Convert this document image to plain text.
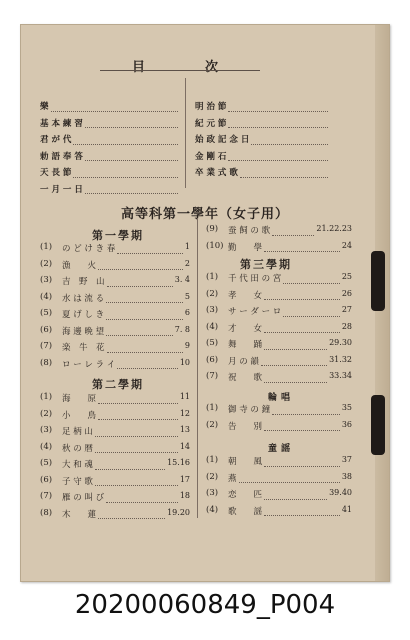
目次
樂
基 本 練 習
君 が 代
勅 語 奉 答
天 長 節
一 月 一 日
明 治 節
紀 元 節
始 政 記 念 日
金 剛 石
卒 業 式 歌
高等科第一學年（女子用）
第一學期
(1)	の ど け き 春	1
(2)	漁　　火	2
(3)	吉　野　山	3. 4
(4)	水 は 流 る	5
(5)	夏 げ し き	6
(6)	海 邊 晩 望	7. 8
(7)	楽　牛　花	9
(8)	ロ ー レ ラ イ	10
第二學期
(1)	海　　原	11
(2)	小　　鳥	12
(3)	足 柄 山	13
(4)	秋 の 暦	14
(5)	大 和 魂	15.16
(6)	子 守 歌	17
(7)	雁 の 叫 び	18
(8)	木　　蓮	19.20
(9)	蚕 飼 の 歌	21.22.23
(10) 勤　　學	24
第三學期
(1)	千 代 田 の 宮	25
(2)	孝　　女	26
(3)	サ ー ダ ー ロ	27
(4)	才　　女	28
(5)	舞　　踊	29.30
(6)	月 の 韻	31.32
(7)	祝　　歌	33.34
輪唱
(1)	御 寺 の 鐘	35
(2)	告　　別	36
童謡
(1)	朝　　風	37
(2)	燕	38
(3)	恋　　匹	39.40
(4)	歌　　謡	41
20200060849_P004
